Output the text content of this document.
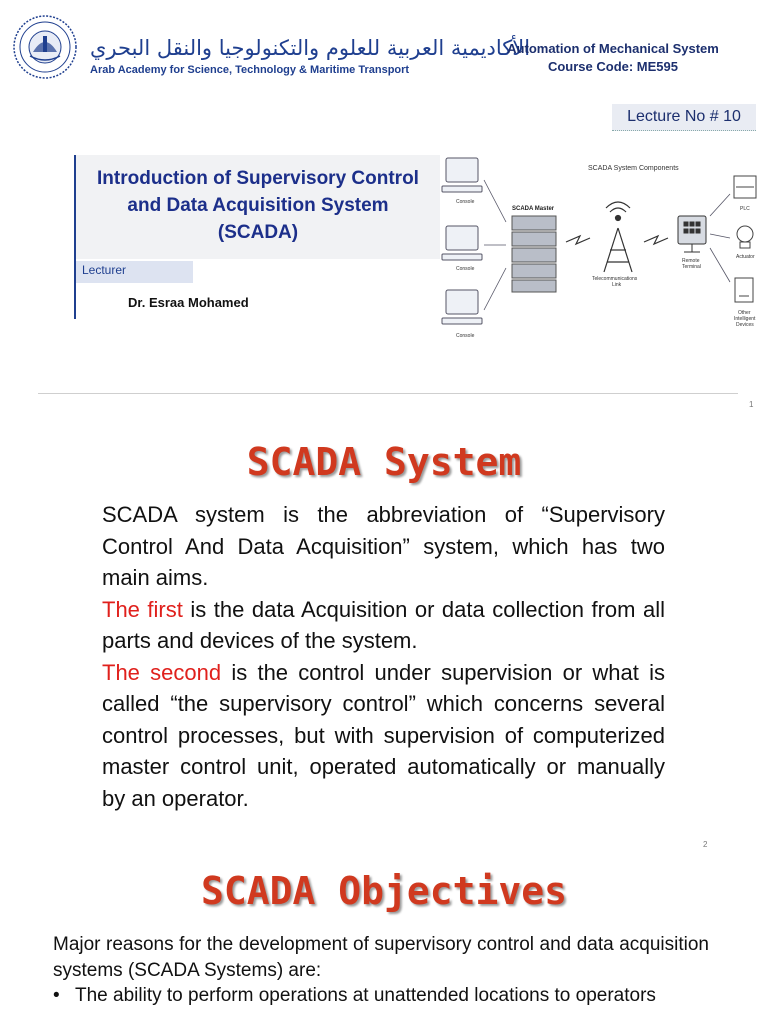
الأكاديمية العربية للعلوم والتكنولوجيا والنقل البحري
Arab Academy for Science, Technology & Maritime Transport
Automation of Mechanical System
Course Code: ME595
Lecture No # 10
Introduction of Supervisory Control
and Data Acquisition System
(SCADA)
Lecturer
Dr. Esraa Mohamed
SCADA System Components
Console
Console
Console
SCADA Master
Telecommunications
Link
Remote
Terminal
PLC
Actuator
Other
Intelligent
Devices
1
SCADA System

SCADA system is the abbreviation of “Supervisory Control And Data Acquisition” system, which has two main aims.

The first is the data Acquisition or data collection from all parts and devices of the system.

The second is the control under supervision or what is called “the supervisory control” which concerns several control processes, but with supervision of computerized master control unit, operated automatically or manually by an operator.

2
SCADA Objectives

Major reasons for the development of supervisory control and data acquisition systems (SCADA Systems) are:

• The ability to perform operations at unattended locations to operators
